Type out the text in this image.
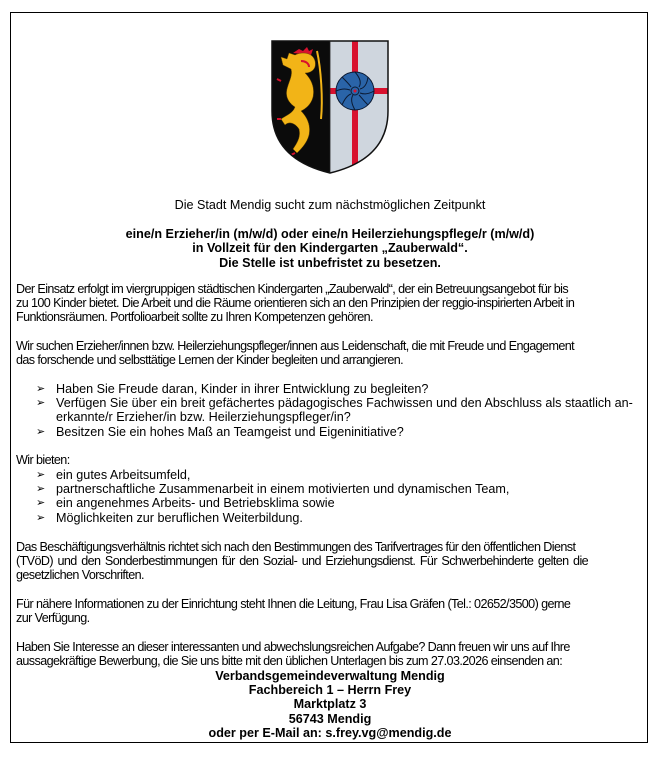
Die Stadt Mendig sucht zum nächstmöglichen Zeitpunkt
eine/n Erzieher/in (m/w/d) oder eine/n Heilerziehungspflege/r (m/w/d)
in Vollzeit für den Kindergarten „Zauberwald“.
Die Stelle ist unbefristet zu besetzen.
Der Einsatz erfolgt im viergruppigen städtischen Kindergarten „Zauberwald“, der ein Betreuungsangebot für bis
zu 100 Kinder bietet. Die Arbeit und die Räume orientieren sich an den Prinzipien der reggio-inspirierten Arbeit in
Funktionsräumen. Portfolioarbeit sollte zu Ihren Kompetenzen gehören.
Wir suchen Erzieher/innen bzw. Heilerziehungspfleger/innen aus Leidenschaft, die mit Freude und Engagement
das forschende und selbsttätige Lernen der Kinder begleiten und arrangieren.
➢ Haben Sie Freude daran, Kinder in ihrer Entwicklung zu begleiten?
➢ Verfügen Sie über ein breit gefächertes pädagogisches Fachwissen und den Abschluss als staatlich an-
erkannte/r Erzieher/in bzw. Heilerziehungspfleger/in?
➢ Besitzen Sie ein hohes Maß an Teamgeist und Eigeninitiative?
Wir bieten:
➢ ein gutes Arbeitsumfeld,
➢ partnerschaftliche Zusammenarbeit in einem motivierten und dynamischen Team,
➢ ein angenehmes Arbeits- und Betriebsklima sowie
➢ Möglichkeiten zur beruflichen Weiterbildung.
Das Beschäftigungsverhältnis richtet sich nach den Bestimmungen des Tarifvertrages für den öffentlichen Dienst
(TVöD) und den Sonderbestimmungen für den Sozial- und Erziehungsdienst. Für Schwerbehinderte gelten die
gesetzlichen Vorschriften.
Für nähere Informationen zu der Einrichtung steht Ihnen die Leitung, Frau Lisa Gräfen (Tel.: 02652/3500) gerne
zur Verfügung.
Haben Sie Interesse an dieser interessanten und abwechslungsreichen Aufgabe? Dann freuen wir uns auf Ihre
aussagekräftige Bewerbung, die Sie uns bitte mit den üblichen Unterlagen bis zum 27.03.2026 einsenden an:
Verbandsgemeindeverwaltung Mendig
Fachbereich 1 – Herrn Frey
Marktplatz 3
56743 Mendig
oder per E-Mail an: s.frey.vg@mendig.de
